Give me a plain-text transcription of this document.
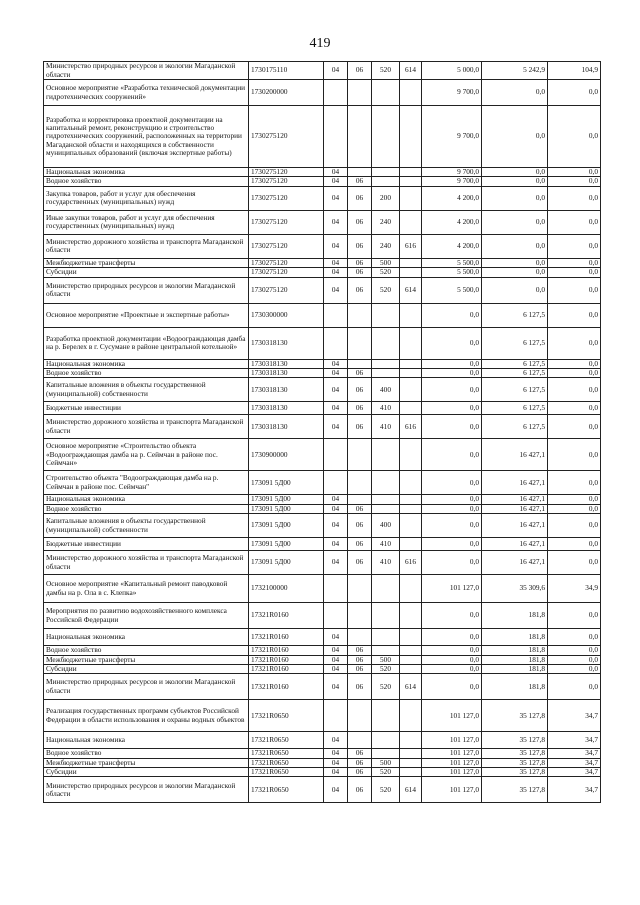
419
Министерство природных ресурсов и экологии Магаданской области	1730175110	04	06	520	614	5 000,0	5 242,9	104,9
Основное мероприятие «Разработка технической документации гидротехнических сооружений»	1730200000					9 700,0	0,0	0,0
Разработка и корректировка проектной документации на капитальный ремонт, реконструкцию и строительство гидротехнических сооружений, расположенных на территории Магаданской области и находящихся в собственности муниципальных образований (включая экспертные работы)	1730275120					9 700,0	0,0	0,0
Национальная экономика	1730275120	04				9 700,0	0,0	0,0
Водное хозяйство	1730275120	04	06			9 700,0	0,0	0,0
Закупка товаров, работ и услуг для обеспечения государственных (муниципальных) нужд	1730275120	04	06	200		4 200,0	0,0	0,0
Иные закупки товаров, работ и услуг для обеспечения государственных (муниципальных) нужд	1730275120	04	06	240		4 200,0	0,0	0,0
Министерство дорожного хозяйства и транспорта Магаданской области	1730275120	04	06	240	616	4 200,0	0,0	0,0
Межбюджетные трансферты	1730275120	04	06	500		5 500,0	0,0	0,0
Субсидии	1730275120	04	06	520		5 500,0	0,0	0,0
Министерство природных ресурсов и экологии Магаданской области	1730275120	04	06	520	614	5 500,0	0,0	0,0
Основное мероприятие «Проектные и экспертные работы»	1730300000					0,0	6 127,5	0,0
Разработка проектной документации «Водоограждающая дамба на р. Берелех в г. Сусумане в районе центральной котельной»	1730318130					0,0	6 127,5	0,0
Национальная экономика	1730318130	04				0,0	6 127,5	0,0
Водное хозяйство	1730318130	04	06			0,0	6 127,5	0,0
Капитальные вложения в объекты государственной (муниципальной) собственности	1730318130	04	06	400		0,0	6 127,5	0,0
Бюджетные инвестиции	1730318130	04	06	410		0,0	6 127,5	0,0
Министерство дорожного хозяйства и транспорта Магаданской области	1730318130	04	06	410	616	0,0	6 127,5	0,0
Основное мероприятие «Строительство объекта «Водоограждающая дамба на р. Сеймчан в районе пос. Сеймчан»	1730900000					0,0	16 427,1	0,0
Строительство объекта "Водоограждающая дамба на р. Сеймчан в районе пос. Сеймчан"	173091 5Д00					0,0	16 427,1	0,0
Национальная экономика	173091 5Д00	04				0,0	16 427,1	0,0
Водное хозяйство	173091 5Д00	04	06			0,0	16 427,1	0,0
Капитальные вложения в объекты государственной (муниципальной) собственности	173091 5Д00	04	06	400		0,0	16 427,1	0,0
Бюджетные инвестиции	173091 5Д00	04	06	410		0,0	16 427,1	0,0
Министерство дорожного хозяйства и транспорта Магаданской области	173091 5Д00	04	06	410	616	0,0	16 427,1	0,0
Основное мероприятие «Капитальный ремонт паводковой дамбы на р. Ола в с. Клепка»	1732100000					101 127,0	35 309,6	34,9
Мероприятия по развитию водохозяйственного комплекса Российской Федерации	17321R0160					0,0	181,8	0,0
Национальная экономика	17321R0160	04				0,0	181,8	0,0
Водное хозяйство	17321R0160	04	06			0,0	181,8	0,0
Межбюджетные трансферты	17321R0160	04	06	500		0,0	181,8	0,0
Субсидии	17321R0160	04	06	520		0,0	181,8	0,0
Министерство природных ресурсов и экологии Магаданской области	17321R0160	04	06	520	614	0,0	181,8	0,0
Реализация государственных программ субъектов Российской Федерации в области использования и охраны водных объектов	17321R0650					101 127,0	35 127,8	34,7
Национальная экономика	17321R0650	04				101 127,0	35 127,8	34,7
Водное хозяйство	17321R0650	04	06			101 127,0	35 127,8	34,7
Межбюджетные трансферты	17321R0650	04	06	500		101 127,0	35 127,8	34,7
Субсидии	17321R0650	04	06	520		101 127,0	35 127,8	34,7
Министерство природных ресурсов и экологии Магаданской области	17321R0650	04	06	520	614	101 127,0	35 127,8	34,7
